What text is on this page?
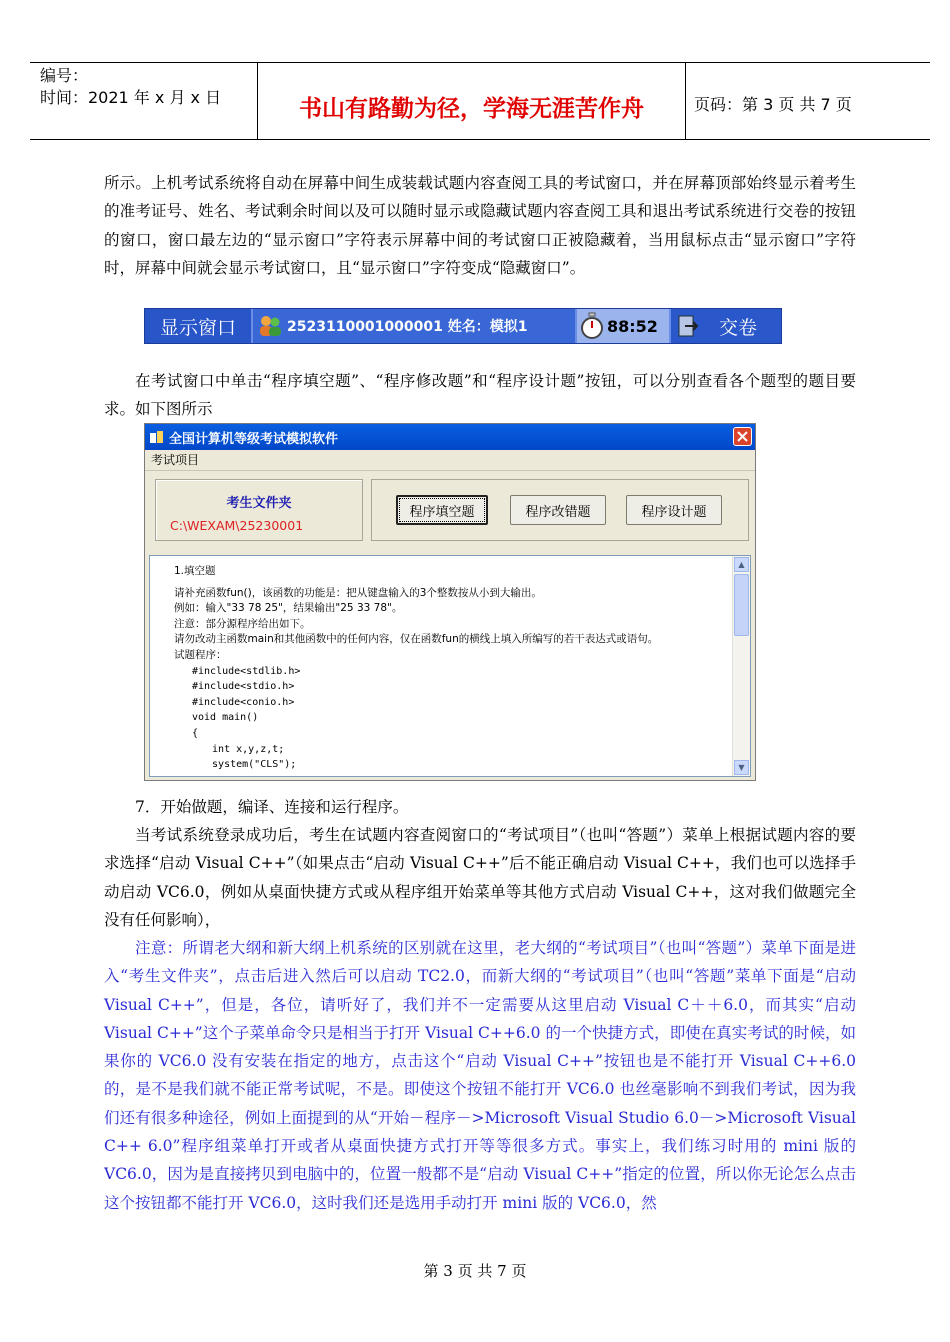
编号：
时间：2021 年 x 月 x 日	书山有路勤为径，学海无涯苦作舟	页码：第 3 页 共 7 页

所示。上机考试系统将自动在屏幕中间生成装载试题内容查阅工具的考试窗口，并在屏幕顶部始终显示着考生的准考证号、姓名、考试剩余时间以及可以随时显示或隐藏试题内容查阅工具和退出考试系统进行交卷的按钮的窗口，窗口最左边的“显示窗口”字符表示屏幕中间的考试窗口正被隐藏着，当用鼠标点击“显示窗口”字符时，屏幕中间就会显示考试窗口，且“显示窗口”字符变成“隐藏窗口”。

显示窗口	2523110001000001 姓名：模拟1	88:52	交卷

在考试窗口中单击“程序填空题”、“程序修改题”和“程序设计题”按钮，可以分别查看各个题型的题目要求。如下图所示

全国计算机等级考试模拟软件
考试项目
考生文件夹
C:\WEXAM\25230001
程序填空题	程序改错题	程序设计题
1.填空题
请补充函数fun()，该函数的功能是：把从键盘输入的3个整数按从小到大输出。
例如：输入"33 78 25"，结果输出"25 33 78"。
注意：部分源程序给出如下。
请勿改动主函数main和其他函数中的任何内容，仅在函数fun的横线上填入所编写的若干表达式或语句。
试题程序：
#include<stdlib.h>
#include<stdio.h>
#include<conio.h>
void main()
{
int x,y,z,t;
system("CLS");
▲
▼

7．开始做题，编译、连接和运行程序。

当考试系统登录成功后，考生在试题内容查阅窗口的“考试项目”（也叫“答题”）菜单上根据试题内容的要求选择“启动 Visual C++”（如果点击“启动 Visual C++”后不能正确启动 Visual C++，我们也可以选择手动启动 VC6.0，例如从桌面快捷方式或从程序组开始菜单等其他方式启动 Visual C++，这对我们做题完全没有任何影响），

注意：所谓老大纲和新大纲上机系统的区别就在这里，老大纲的“考试项目”（也叫“答题”）菜单下面是进入“考生文件夹”，点击后进入然后可以启动 TC2.0，而新大纲的“考试项目”（也叫“答题”菜单下面是“启动 Visual C++”，但是，各位，请听好了，我们并不一定需要从这里启动 Visual C＋＋6.0，而其实“启动 Visual C++”这个子菜单命令只是相当于打开 Visual C++6.0 的一个快捷方式，即使在真实考试的时候，如果你的 VC6.0 没有安装在指定的地方，点击这个“启动 Visual C++”按钮也是不能打开 Visual C++6.0 的，是不是我们就不能正常考试呢，不是。即使这个按钮不能打开 VC6.0 也丝毫影响不到我们考试，因为我们还有很多种途径，例如上面提到的从“开始－程序－>Microsoft Visual Studio 6.0－>Microsoft Visual C++ 6.0”程序组菜单打开或者从桌面快捷方式打开等等很多方式。事实上，我们练习时用的 mini 版的 VC6.0，因为是直接拷贝到电脑中的，位置一般都不是“启动 Visual C++”指定的位置，所以你无论怎么点击这个按钮都不能打开 VC6.0，这时我们还是选用手动打开 mini 版的 VC6.0，然

第 3 页 共 7 页
